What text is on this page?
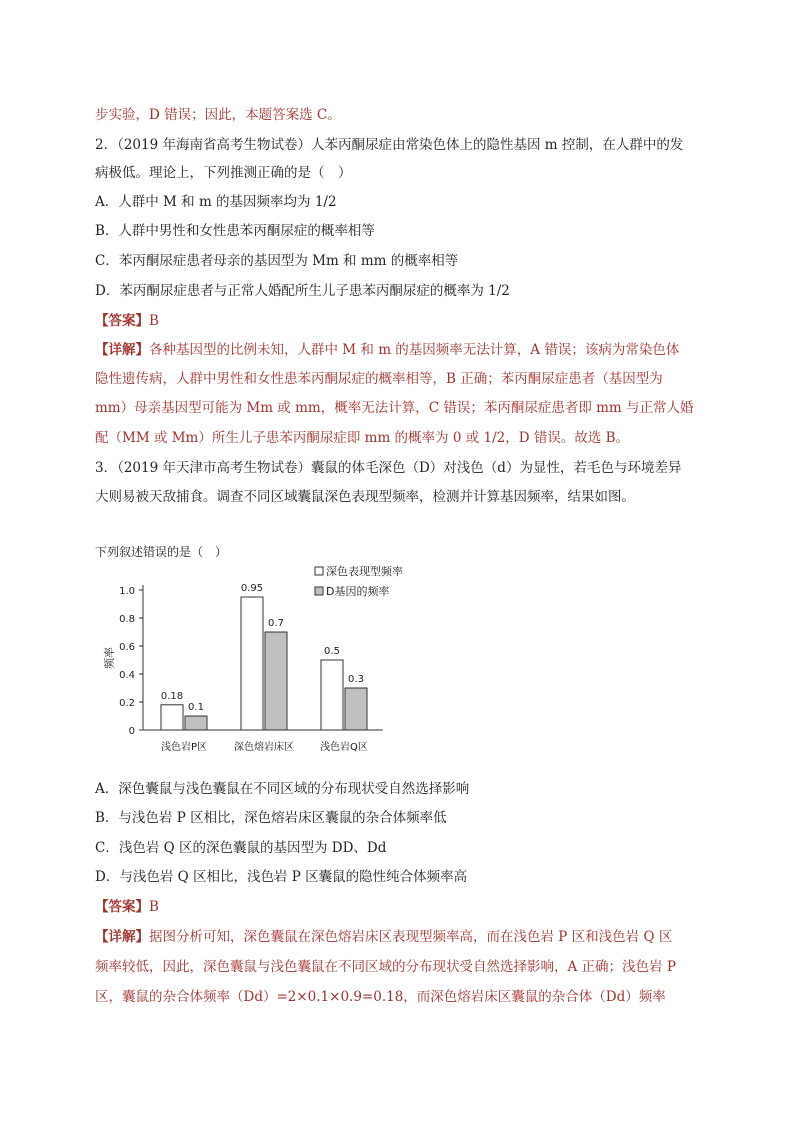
步实验，D 错误；因此，本题答案选 C。
2．（2019 年海南省高考生物试卷）人苯丙酮尿症由常染色体上的隐性基因 m 控制，在人群中的发
病极低。理论上，下列推测正确的是（　）
A．人群中 M 和 m 的基因频率均为 1/2
B．人群中男性和女性患苯丙酮尿症的概率相等
C．苯丙酮尿症患者母亲的基因型为 Mm 和 mm 的概率相等
D．苯丙酮尿症患者与正常人婚配所生儿子患苯丙酮尿症的概率为 1/2
【答案】B
【详解】各种基因型的比例未知，人群中 M 和 m 的基因频率无法计算，A 错误；该病为常染色体
隐性遗传病，人群中男性和女性患苯丙酮尿症的概率相等，B 正确；苯丙酮尿症患者（基因型为
mm）母亲基因型可能为 Mm 或 mm，概率无法计算，C 错误；苯丙酮尿症患者即 mm 与正常人婚
配（MM 或 Mm）所生儿子患苯丙酮尿症即 mm 的概率为 0 或 1/2，D 错误。故选 B。
3．（2019 年天津市高考生物试卷）囊鼠的体毛深色（D）对浅色（d）为显性，若毛色与环境差异
大则易被天敌捕食。调查不同区域囊鼠深色表现型频率，检测并计算基因频率，结果如图。
下列叙述错误的是（　）
频率
0
0.2
0.4
0.6
0.8
1.0
0.18
0.1
0.95
0.7
0.5
0.3
浅色岩P区	深色熔岩床区	浅色岩Q区
深色表现型频率
D基因的频率
A．深色囊鼠与浅色囊鼠在不同区域的分布现状受自然选择影响
B．与浅色岩 P 区相比，深色熔岩床区囊鼠的杂合体频率低
C．浅色岩 Q 区的深色囊鼠的基因型为 DD、Dd
D．与浅色岩 Q 区相比，浅色岩 P 区囊鼠的隐性纯合体频率高
【答案】B
【详解】据图分析可知，深色囊鼠在深色熔岩床区表现型频率高，而在浅色岩 P 区和浅色岩 Q 区
频率较低，因此，深色囊鼠与浅色囊鼠在不同区域的分布现状受自然选择影响，A 正确；浅色岩 P
区，囊鼠的杂合体频率（Dd）=2×0.1×0.9=0.18，而深色熔岩床区囊鼠的杂合体（Dd）频率
